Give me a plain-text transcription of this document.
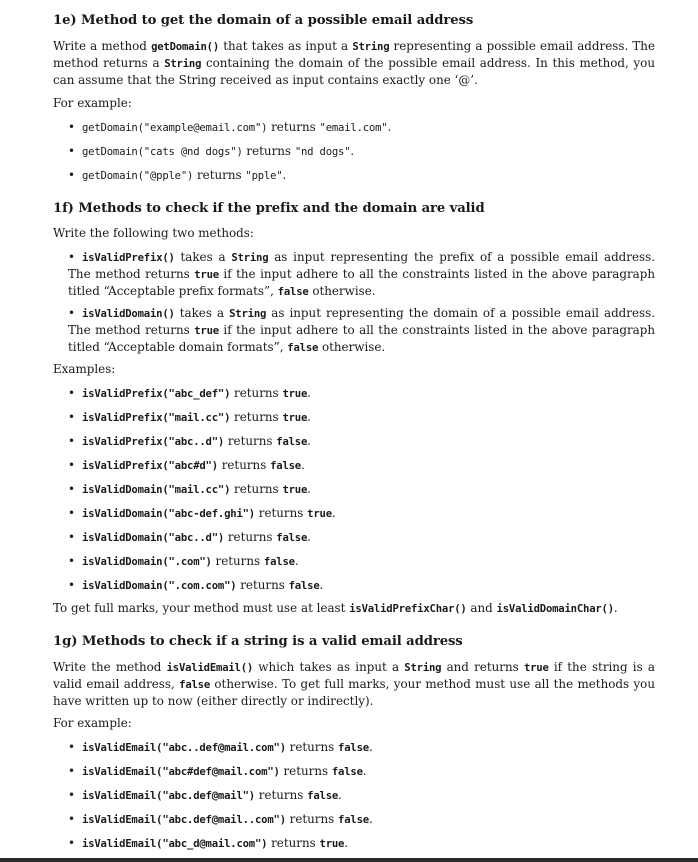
1e) Method to get the domain of a possible email address
Write a method getDomain() that takes as input a String representing a possible email address. The method returns a String containing the domain of the possible email address. In this method, you can assume that the String received as input contains exactly one ‘@’.
For example:
• getDomain("example@email.com") returns "email.com".
• getDomain("cats @nd dogs") returns "nd dogs".
• getDomain("@pple") returns "pple".
1f) Methods to check if the prefix and the domain are valid
Write the following two methods:
• isValidPrefix() takes a String as input representing the prefix of a possible email address. The method returns true if the input adhere to all the constraints listed in the above paragraph titled “Acceptable prefix formats”, false otherwise.
• isValidDomain() takes a String as input representing the domain of a possible email address. The method returns true if the input adhere to all the constraints listed in the above paragraph titled “Acceptable domain formats”, false otherwise.
Examples:
• isValidPrefix("abc_def") returns true.
• isValidPrefix("mail.cc") returns true.
• isValidPrefix("abc..d") returns false.
• isValidPrefix("abc#d") returns false.
• isValidDomain("mail.cc") returns true.
• isValidDomain("abc-def.ghi") returns true.
• isValidDomain("abc..d") returns false.
• isValidDomain(".com") returns false.
• isValidDomain(".com.com") returns false.
To get full marks, your method must use at least isValidPrefixChar() and isValidDomainChar().
1g) Methods to check if a string is a valid email address
Write the method isValidEmail() which takes as input a String and returns true if the string is a valid email address, false otherwise. To get full marks, your method must use all the methods you have written up to now (either directly or indirectly).
For example:
• isValidEmail("abc..def@mail.com") returns false.
• isValidEmail("abc#def@mail.com") returns false.
• isValidEmail("abc.def@mail") returns false.
• isValidEmail("abc.def@mail..com") returns false.
• isValidEmail("abc_d@mail.com") returns true.
